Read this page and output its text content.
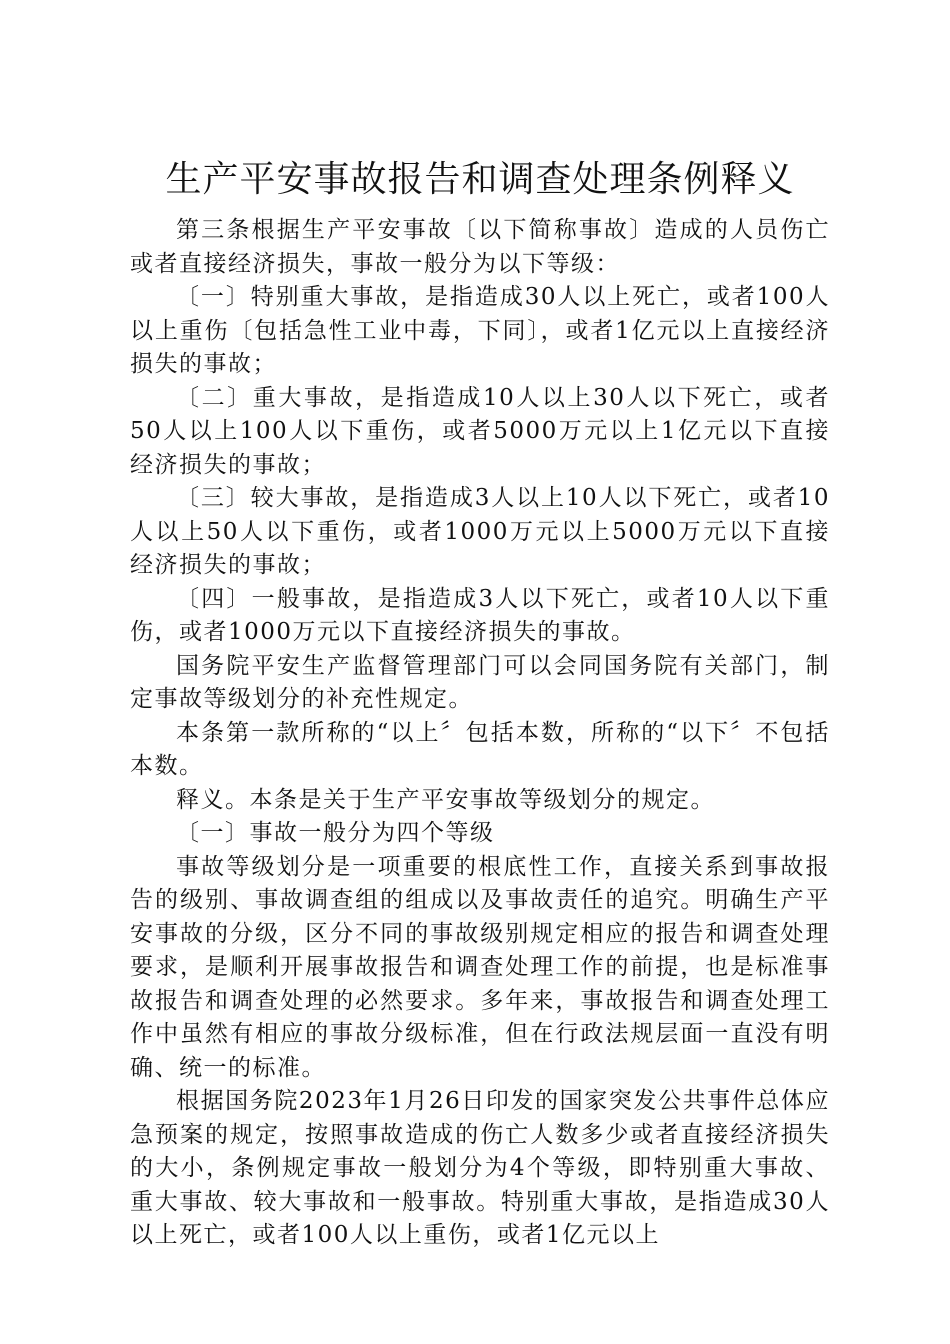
生产平安事故报告和调查处理条例释义

第三条根据生产平安事故〔以下简称事故〕造成的人员伤亡或者直接经济损失，事故一般分为以下等级：

〔一〕特别重大事故，是指造成30人以上死亡，或者100人以上重伤〔包括急性工业中毒，下同〕，或者1亿元以上直接经济损失的事故；

〔二〕重大事故，是指造成10人以上30人以下死亡，或者50人以上100人以下重伤，或者5000万元以上1亿元以下直接经济损失的事故；

〔三〕较大事故，是指造成3人以上10人以下死亡，或者10人以上50人以下重伤，或者1000万元以上5000万元以下直接经济损失的事故；

〔四〕一般事故，是指造成3人以下死亡，或者10人以下重伤，或者1000万元以下直接经济损失的事故。

国务院平安生产监督管理部门可以会同国务院有关部门，制定事故等级划分的补充性规定。

本条第一款所称的“以上〞包括本数，所称的“以下〞不包括本数。

释义。本条是关于生产平安事故等级划分的规定。

〔一〕事故一般分为四个等级

事故等级划分是一项重要的根底性工作，直接关系到事故报告的级别、事故调查组的组成以及事故责任的追究。明确生产平安事故的分级，区分不同的事故级别规定相应的报告和调查处理要求，是顺利开展事故报告和调查处理工作的前提，也是标准事故报告和调查处理的必然要求。多年来，事故报告和调查处理工作中虽然有相应的事故分级标准，但在行政法规层面一直没有明确、统一的标准。

根据国务院2023年1月26日印发的国家突发公共事件总体应急预案的规定，按照事故造成的伤亡人数多少或者直接经济损失的大小，条例规定事故一般划分为4个等级，即特别重大事故、重大事故、较大事故和一般事故。特别重大事故，是指造成30人以上死亡，或者100人以上重伤，或者1亿元以上
